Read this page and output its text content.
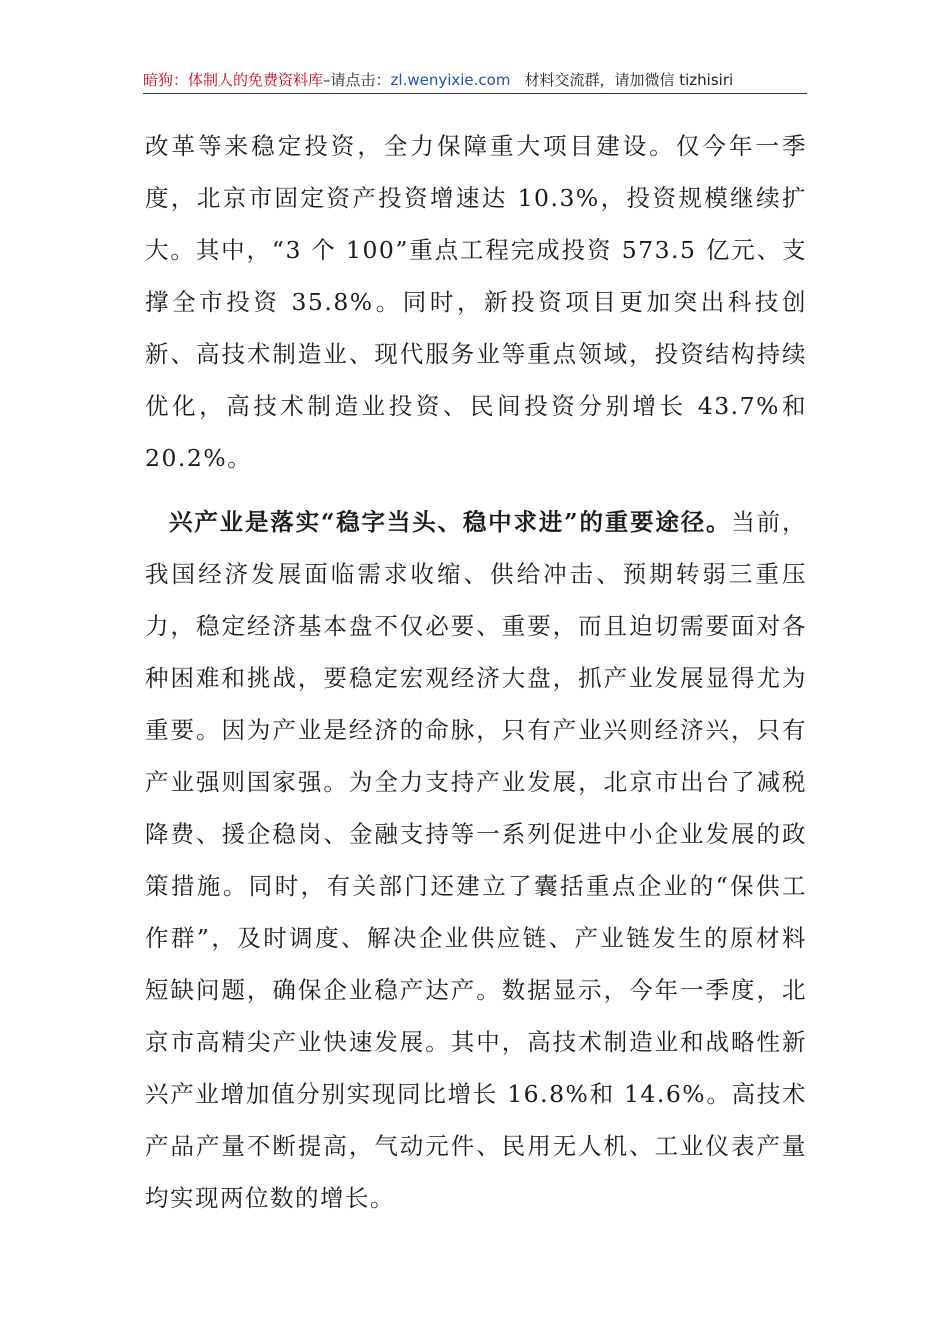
暗狗：体制人的免费资料库–请点击：zl.wenyixie.com 材料交流群，请加微信 tizhisiri

改革等来稳定投资，全力保障重大项目建设。仅今年一季度，北京市固定资产投资增速达 10.3%，投资规模继续扩大。其中，“3 个 100”重点工程完成投资 573.5 亿元、支撑全市投资 35.8%。同时，新投资项目更加突出科技创新、高技术制造业、现代服务业等重点领域，投资结构持续优化，高技术制造业投资、民间投资分别增长 43.7%和 20.2%。

兴产业是落实“稳字当头、稳中求进”的重要途径。当前，我国经济发展面临需求收缩、供给冲击、预期转弱三重压力，稳定经济基本盘不仅必要、重要，而且迫切需要面对各种困难和挑战，要稳定宏观经济大盘，抓产业发展显得尤为重要。因为产业是经济的命脉，只有产业兴则经济兴，只有产业强则国家强。为全力支持产业发展，北京市出台了减税降费、援企稳岗、金融支持等一系列促进中小企业发展的政策措施。同时，有关部门还建立了囊括重点企业的“保供工作群”，及时调度、解决企业供应链、产业链发生的原材料短缺问题，确保企业稳产达产。数据显示，今年一季度，北京市高精尖产业快速发展。其中，高技术制造业和战略性新兴产业增加值分别实现同比增长 16.8%和 14.6%。高技术产品产量不断提高，气动元件、民用无人机、工业仪表产量均实现两位数的增长。
